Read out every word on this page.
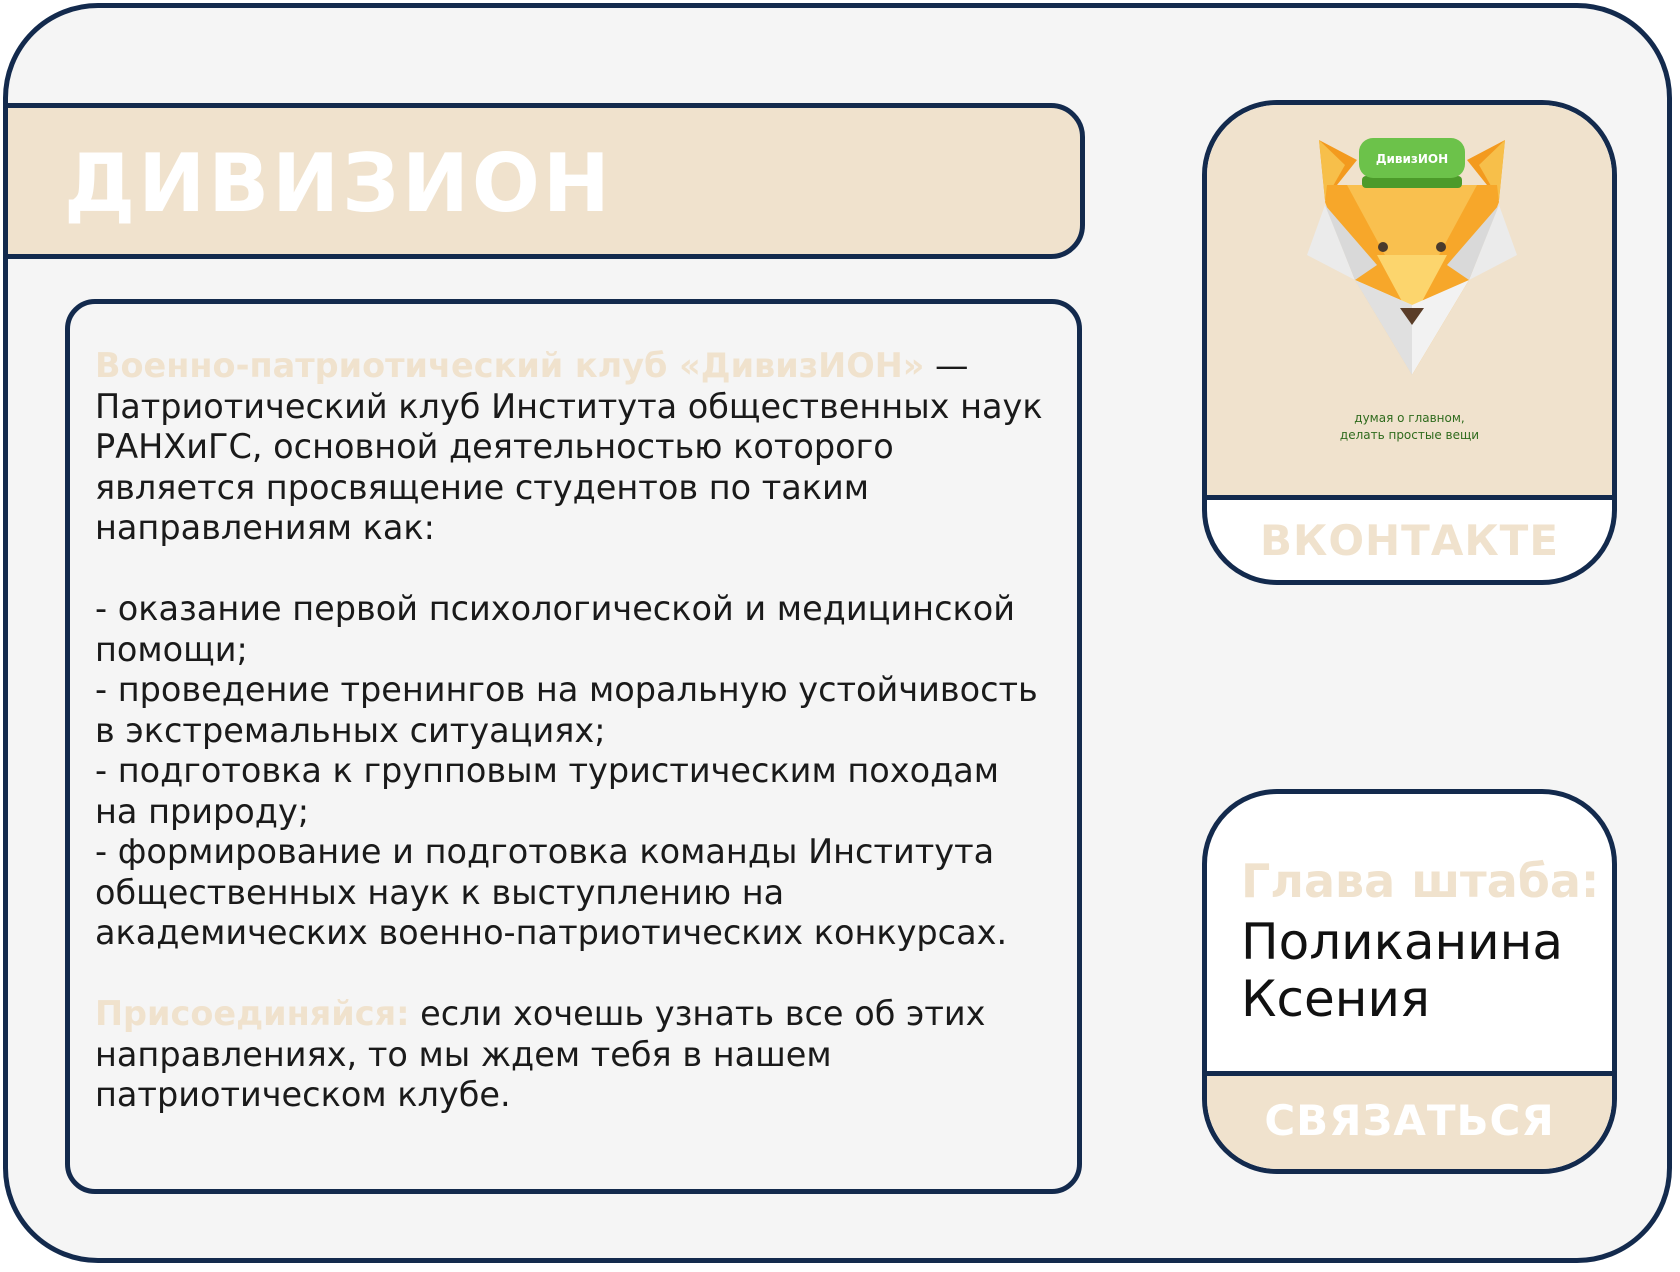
ДИВИЗИОН

Военно-патриотический клуб «ДивизИОН» — Патриотический клуб Института общественных наук РАНХиГС, основной деятельностью которого является просвящение студентов по таким направлениям как:

- оказание первой психологической и медицинской помощи;

- проведение тренингов на моральную устойчивость в экстремальных ситуациях;

- подготовка к групповым туристическим походам на природу;

- формирование и подготовка команды Института общественных наук к выступлению на академических военно-патриотических конкурсах.

Присоединяйся: если хочешь узнать все об этих направлениях, то мы ждем тебя в нашем патриотическом клубе.

ДивизИОН
думая о главном,
делать простые вещи
ВКОНТАКТЕ
Глава штаба:
Поликанина Ксения
СВЯЗАТЬСЯ
